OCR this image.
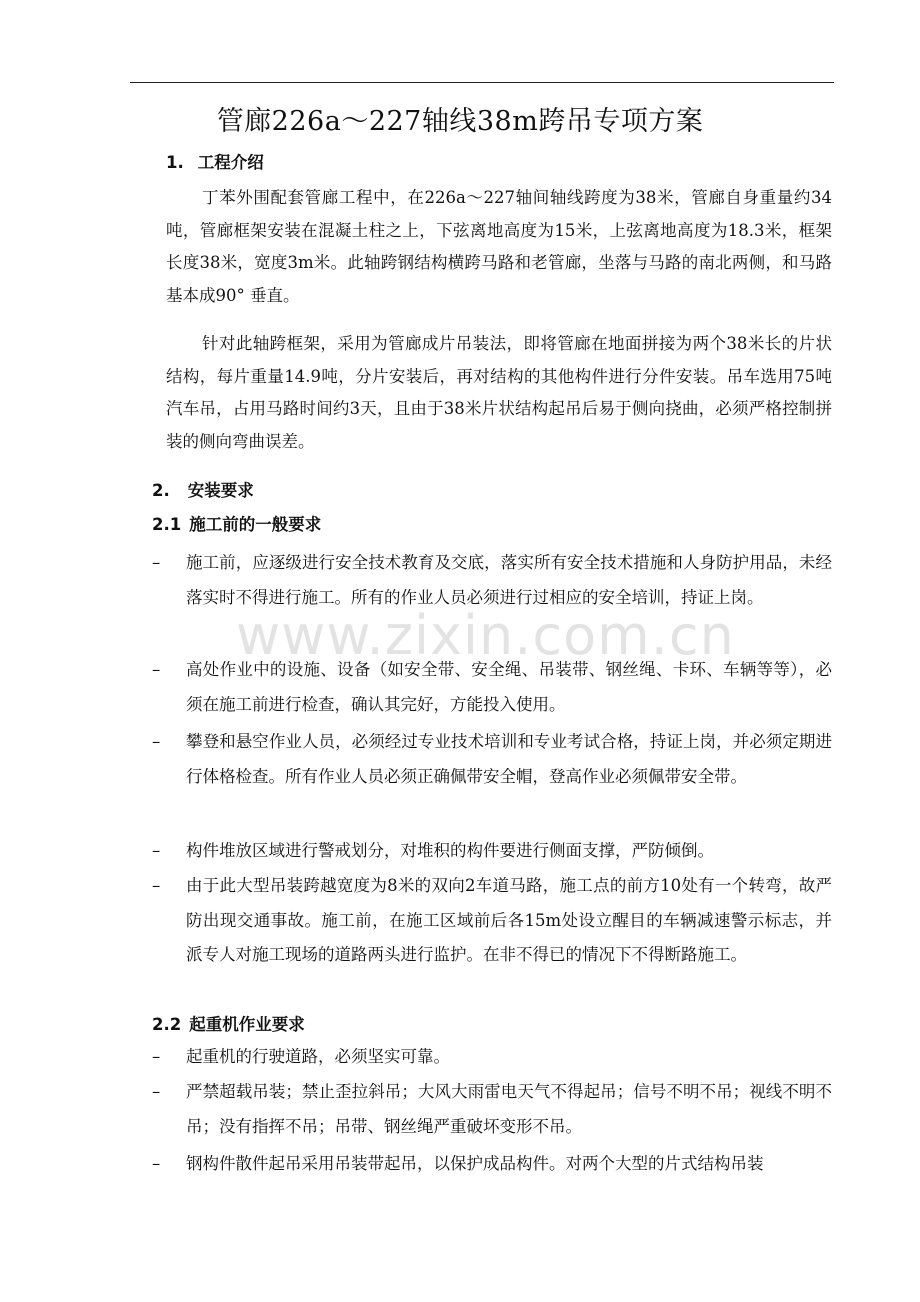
管廊226a～227轴线38m跨吊专项方案
1. 工程介绍

丁苯外围配套管廊工程中，在226a～227轴间轴线跨度为38米，管廊自身重量约34吨，管廊框架安装在混凝土柱之上，下弦离地高度为15米，上弦离地高度为18.3米，框架长度38米，宽度3m米。此轴跨钢结构横跨马路和老管廊，坐落与马路的南北两侧，和马路基本成90° 垂直。

针对此轴跨框架，采用为管廊成片吊装法，即将管廊在地面拼接为两个38米长的片状结构，每片重量14.9吨，分片安装后，再对结构的其他构件进行分件安装。吊车选用75吨汽车吊，占用马路时间约3天，且由于38米片状结构起吊后易于侧向挠曲，必须严格控制拼装的侧向弯曲误差。

2. 安装要求
2.1 施工前的一般要求
–	施工前，应逐级进行安全技术教育及交底，落实所有安全技术措施和人身防护用品，未经落实时不得进行施工。所有的作业人员必须进行过相应的安全培训，持证上岗。
–	高处作业中的设施、设备（如安全带、安全绳、吊装带、钢丝绳、卡环、车辆等等），必须在施工前进行检查，确认其完好，方能投入使用。
–	攀登和悬空作业人员，必须经过专业技术培训和专业考试合格，持证上岗，并必须定期进行体格检查。所有作业人员必须正确佩带安全帽，登高作业必须佩带安全带。
–	构件堆放区域进行警戒划分，对堆积的构件要进行侧面支撑，严防倾倒。
–	由于此大型吊装跨越宽度为8米的双向2车道马路，施工点的前方10处有一个转弯，故严防出现交通事故。施工前，在施工区域前后各15m处设立醒目的车辆减速警示标志，并派专人对施工现场的道路两头进行监护。在非不得已的情况下不得断路施工。
2.2 起重机作业要求
–	起重机的行驶道路，必须坚实可靠。
–	严禁超载吊装；禁止歪拉斜吊；大风大雨雷电天气不得起吊；信号不明不吊；视线不明不吊；没有指挥不吊；吊带、钢丝绳严重破坏变形不吊。
–	钢构件散件起吊采用吊装带起吊，以保护成品构件。对两个大型的片式结构吊装
www.zixin.com.cn
